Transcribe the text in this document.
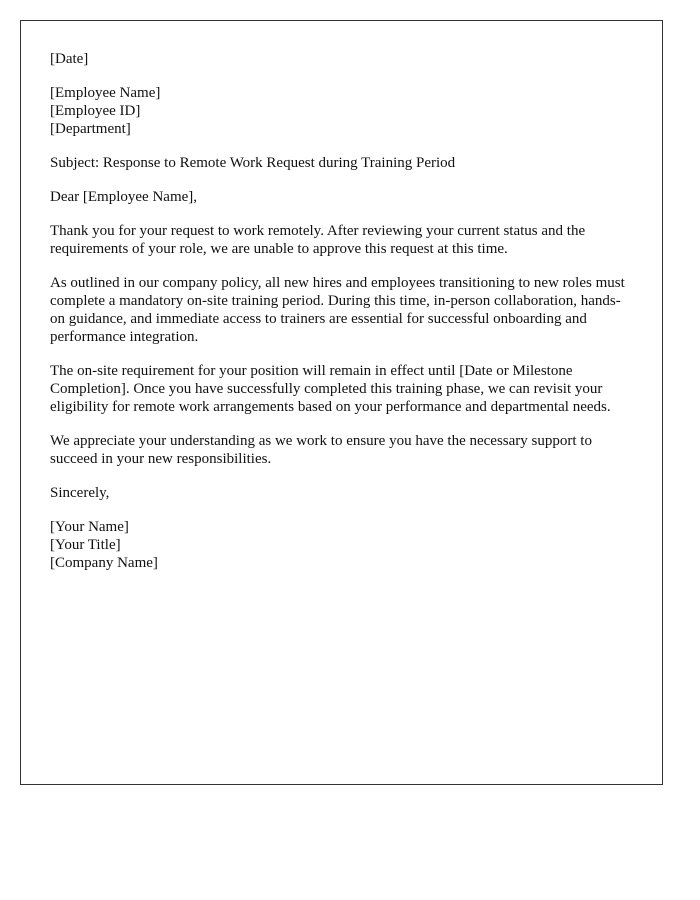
[Date]

[Employee Name]
[Employee ID]
[Department]

Subject: Response to Remote Work Request during Training Period

Dear [Employee Name],

Thank you for your request to work remotely. After reviewing your current status and the requirements of your role, we are unable to approve this request at this time.

As outlined in our company policy, all new hires and employees transitioning to new roles must complete a mandatory on-site training period. During this time, in-person collaboration, hands-on guidance, and immediate access to trainers are essential for successful onboarding and performance integration.

The on-site requirement for your position will remain in effect until [Date or Milestone Completion]. Once you have successfully completed this training phase, we can revisit your eligibility for remote work arrangements based on your performance and departmental needs.

We appreciate your understanding as we work to ensure you have the necessary support to succeed in your new responsibilities.

Sincerely,

[Your Name]
[Your Title]
[Company Name]
